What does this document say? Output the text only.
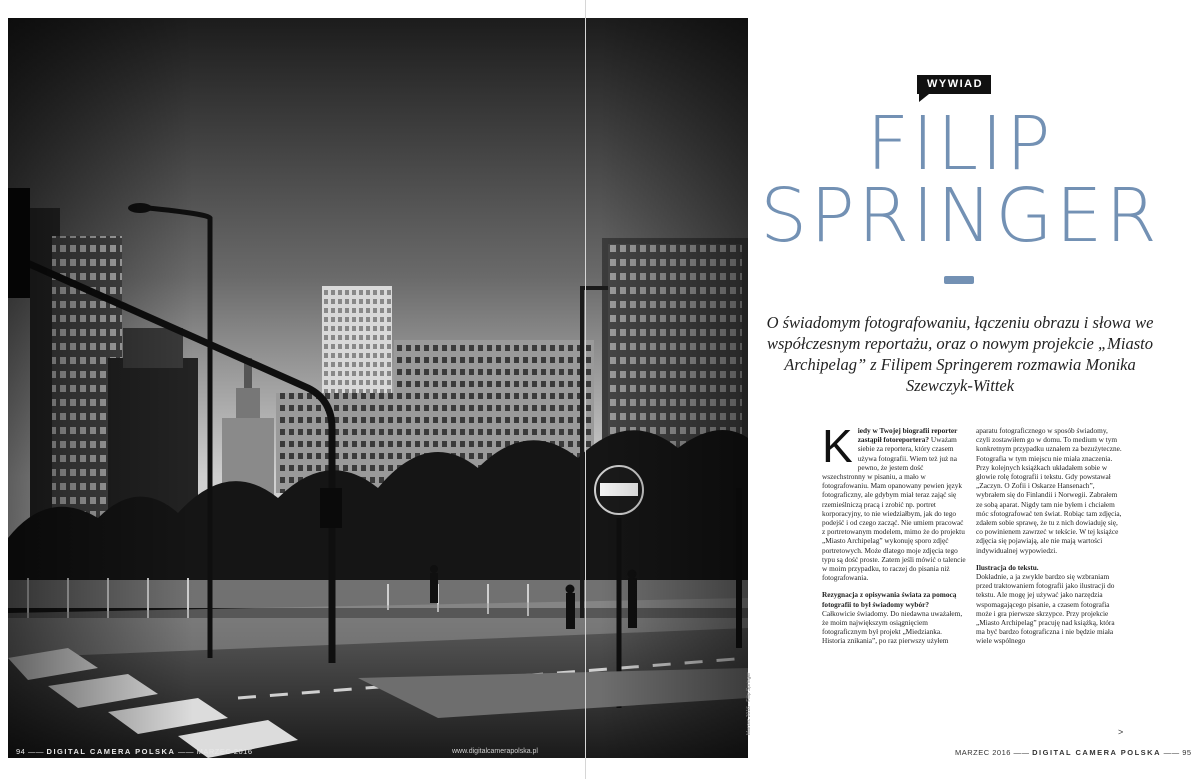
Marzec 2016 · Filip Springer
94 —— DIGITAL CAMERA POLSKA —— MARZEC 2016	www.digitalcamerapolska.pl
WYWIAD
FILIP
SPRINGER
O świadomym fotografowaniu, łączeniu obrazu i słowa we współczesnym reportażu, oraz o nowym projekcie „Miasto Archipelag” z Filipem Springerem rozmawia Monika Szewczyk-Wittek

K iedy w Twojej biografii reporter zastąpił fotoreportera? Uważam siebie za reportera, który czasem używa fotografii. Wiem też już na pewno, że jestem dość wszechstronny w pisaniu, a mało w fotografowaniu. Mam opanowany pewien język fotograficzny, ale gdybym miał teraz zająć się rzemieślniczą pracą i zrobić np. portret korporacyjny, to nie wiedziałbym, jak do tego podejść i od czego zacząć. Nie umiem pracować z portretowanym modelem, mimo że do projektu „Miasto Archipelag” wykonuję sporo zdjęć portretowych. Może dlatego moje zdjęcia tego typu są dość proste. Zatem jeśli mówić o talencie w moim przypadku, to raczej do pisania niż fotografowania.

Rezygnacja z opisywania świata za pomocą fotografii to był świadomy wybór?

Całkowicie świadomy. Do niedawna uważałem, że moim największym osiągnięciem fotograficznym był projekt „Miedzianka. Historia znikania”, po raz pierwszy użyłem

aparatu fotograficznego w sposób świadomy, czyli zostawiłem go w domu. To medium w tym konkretnym przypadku uznałem za bezużyteczne. Fotografia w tym miejscu nie miała znaczenia. Przy kolejnych książkach układałem sobie w głowie rolę fotografii i tekstu. Gdy powstawał „Zaczyn. O Zofii i Oskarze Hansenach”, wybrałem się do Finlandii i Norwegii. Zabrałem ze sobą aparat. Nigdy tam nie byłem i chciałem móc sfotografować ten świat. Robiąc tam zdjęcia, zdałem sobie sprawę, że tu z nich dowiaduję się, co powinienem zawrzeć w tekście. W tej książce zdjęcia się pojawiają, ale nie mają wartości indywidualnej wypowiedzi.

Ilustracja do tekstu.

Dokładnie, a ja zwykle bardzo się wzbraniam przed traktowaniem fotografii jako ilustracji do tekstu. Ale mogę jej używać jako narzędzia wspomagającego pisanie, a czasem fotografia może i gra pierwsze skrzypce. Przy projekcie „Miasto Archipelag” pracuję nad książką, która ma być bardzo fotograficzna i nie będzie miała wiele wspólnego

>
MARZEC 2016 —— DIGITAL CAMERA POLSKA —— 95
